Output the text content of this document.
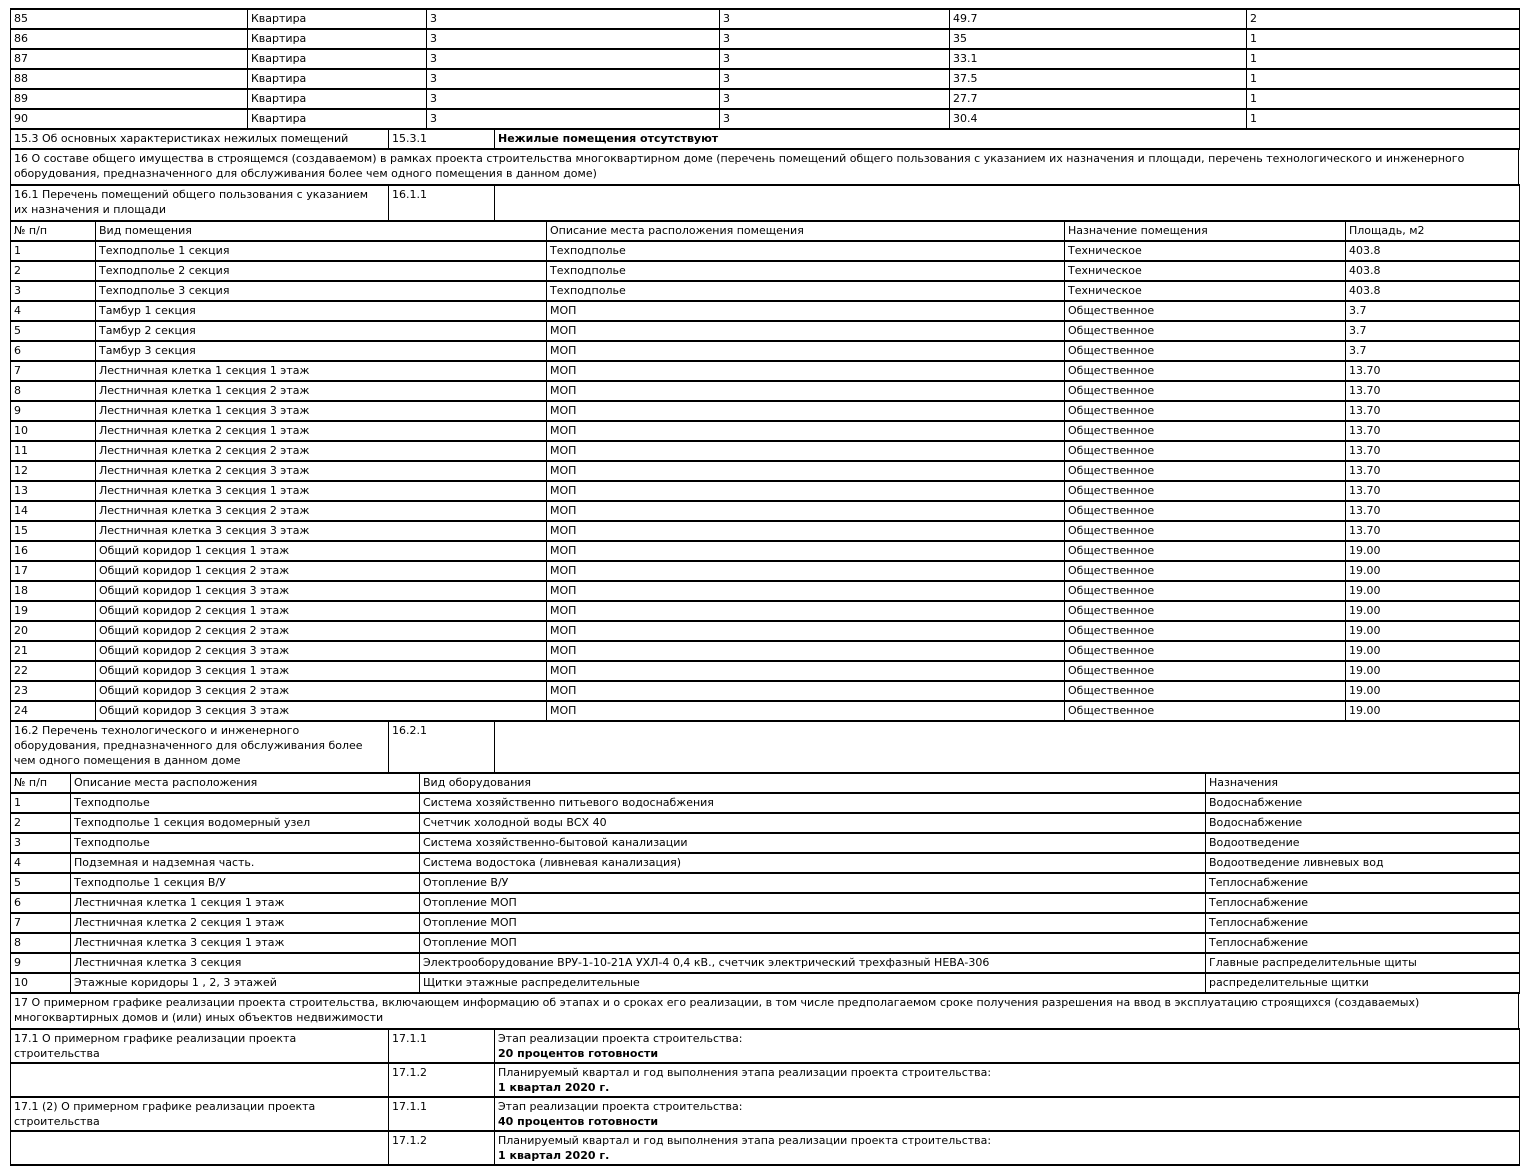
85	Квартира	3	3	49.7	2
86	Квартира	3	3	35	1
87	Квартира	3	3	33.1	1
88	Квартира	3	3	37.5	1
89	Квартира	3	3	27.7	1
90	Квартира	3	3	30.4	1
15.3 Об основных характеристиках нежилых помещений	15.3.1	Нежилые помещения отсутствуют
16 О составе общего имущества в строящемся (создаваемом) в рамках проекта строительства многоквартирном доме (перечень помещений общего пользования с указанием их назначения и площади, перечень технологического и инженерного оборудования, предназначенного для обслуживания более чем одного помещения в данном доме)
16.1 Перечень помещений общего пользования с указанием их назначения и площади	16.1.1	
№ п/п	Вид помещения	Описание места расположения помещения	Назначение помещения	Площадь, м2
1	Техподполье 1 секция	Техподполье	Техническое	403.8
2	Техподполье 2 секция	Техподполье	Техническое	403.8
3	Техподполье 3 секция	Техподполье	Техническое	403.8
4	Тамбур 1 секция	МОП	Общественное	3.7
5	Тамбур 2 секция	МОП	Общественное	3.7
6	Тамбур 3 секция	МОП	Общественное	3.7
7	Лестничная клетка 1 секция 1 этаж	МОП	Общественное	13.70
8	Лестничная клетка 1 секция 2 этаж	МОП	Общественное	13.70
9	Лестничная клетка 1 секция 3 этаж	МОП	Общественное	13.70
10	Лестничная клетка 2 секция 1 этаж	МОП	Общественное	13.70
11	Лестничная клетка 2 секция 2 этаж	МОП	Общественное	13.70
12	Лестничная клетка 2 секция 3 этаж	МОП	Общественное	13.70
13	Лестничная клетка 3 секция 1 этаж	МОП	Общественное	13.70
14	Лестничная клетка 3 секция 2 этаж	МОП	Общественное	13.70
15	Лестничная клетка 3 секция 3 этаж	МОП	Общественное	13.70
16	Общий коридор 1 секция 1 этаж	МОП	Общественное	19.00
17	Общий коридор 1 секция 2 этаж	МОП	Общественное	19.00
18	Общий коридор 1 секция 3 этаж	МОП	Общественное	19.00
19	Общий коридор 2 секция 1 этаж	МОП	Общественное	19.00
20	Общий коридор 2 секция 2 этаж	МОП	Общественное	19.00
21	Общий коридор 2 секция 3 этаж	МОП	Общественное	19.00
22	Общий коридор 3 секция 1 этаж	МОП	Общественное	19.00
23	Общий коридор 3 секция 2 этаж	МОП	Общественное	19.00
24	Общий коридор 3 секция 3 этаж	МОП	Общественное	19.00
16.2 Перечень технологического и инженерного оборудования, предназначенного для обслуживания более чем одного помещения в данном доме	16.2.1	
№ п/п	Описание места расположения	Вид оборудования	Назначения
1	Техподполье	Система хозяйственно питьевого водоснабжения	Водоснабжение
2	Техподполье 1 секция водомерный узел	Счетчик холодной воды ВСХ 40	Водоснабжение
3	Техподполье	Система хозяйственно-бытовой канализации	Водоотведение
4	Подземная и надземная часть.	Система водостока (ливневая канализация)	Водоотведение ливневых вод
5	Техподполье 1 секция В/У	Отопление В/У	Теплоснабжение
6	Лестничная клетка 1 секция 1 этаж	Отопление МОП	Теплоснабжение
7	Лестничная клетка 2 секция 1 этаж	Отопление МОП	Теплоснабжение
8	Лестничная клетка 3 секция 1 этаж	Отопление МОП	Теплоснабжение
9	Лестничная клетка 3 секция	Электрооборудование ВРУ-1-10-21А УХЛ-4 0,4 кВ., счетчик электрический трехфазный НЕВА-306	Главные распределительные щиты
10	Этажные коридоры 1 , 2, 3 этажей	Щитки этажные распределительные	распределительные щитки
17 О примерном графике реализации проекта строительства, включающем информацию об этапах и о сроках его реализации, в том числе предполагаемом сроке получения разрешения на ввод в эксплуатацию строящихся (создаваемых) многоквартирных домов и (или) иных объектов недвижимости
17.1 О примерном графике реализации проекта строительства	17.1.1	Этап реализации проекта строительства:
20 процентов готовности

	17.1.2	Планируемый квартал и год выполнения этапа реализации проекта строительства:
1 квартал 2020 г.
17.1 (2) О примерном графике реализации проекта строительства	17.1.1	Этап реализации проекта строительства:
40 процентов готовности

	17.1.2	Планируемый квартал и год выполнения этапа реализации проекта строительства:
1 квартал 2020 г.
